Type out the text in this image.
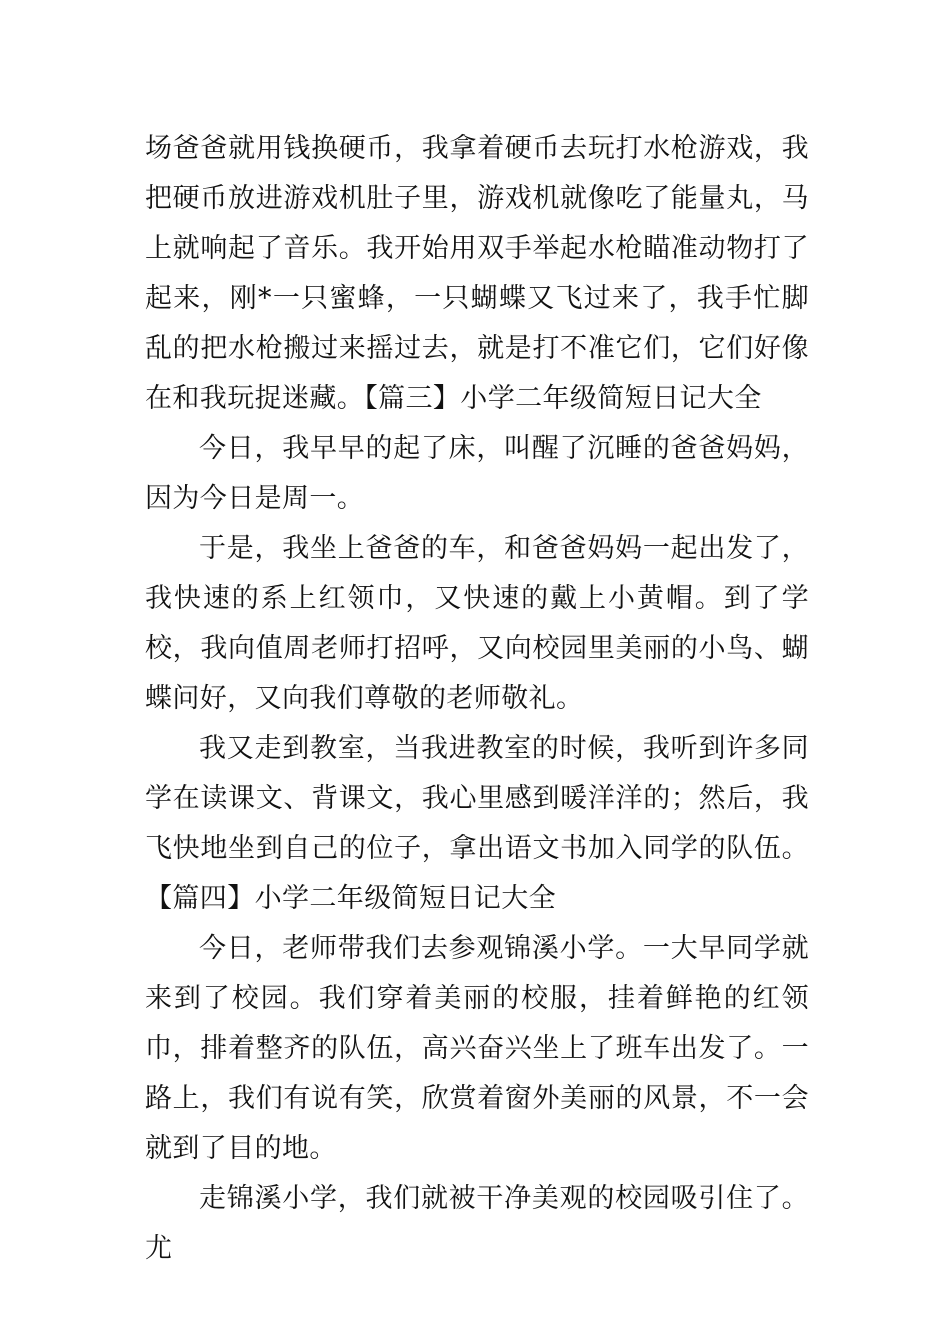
场爸爸就用钱换硬币，我拿着硬币去玩打水枪游戏，我把硬币放进游戏机肚子里，游戏机就像吃了能量丸，马上就响起了音乐。我开始用双手举起水枪瞄准动物打了起来，刚*一只蜜蜂，一只蝴蝶又飞过来了，我手忙脚乱的把水枪搬过来摇过去，就是打不准它们，它们好像在和我玩捉迷藏。【篇三】小学二年级简短日记大全

今日，我早早的起了床，叫醒了沉睡的爸爸妈妈，因为今日是周一。

于是，我坐上爸爸的车，和爸爸妈妈一起出发了，我快速的系上红领巾，又快速的戴上小黄帽。到了学校，我向值周老师打招呼，又向校园里美丽的小鸟、蝴蝶问好，又向我们尊敬的老师敬礼。

我又走到教室，当我进教室的时候，我听到许多同学在读课文、背课文，我心里感到暖洋洋的；然后，我飞快地坐到自己的位子，拿出语文书加入同学的队伍。【篇四】小学二年级简短日记大全

今日，老师带我们去参观锦溪小学。一大早同学就来到了校园。我们穿着美丽的校服，挂着鲜艳的红领巾，排着整齐的队伍，高兴奋兴坐上了班车出发了。一路上，我们有说有笑，欣赏着窗外美丽的风景，不一会就到了目的地。

走锦溪小学，我们就被干净美观的校园吸引住了。尤
